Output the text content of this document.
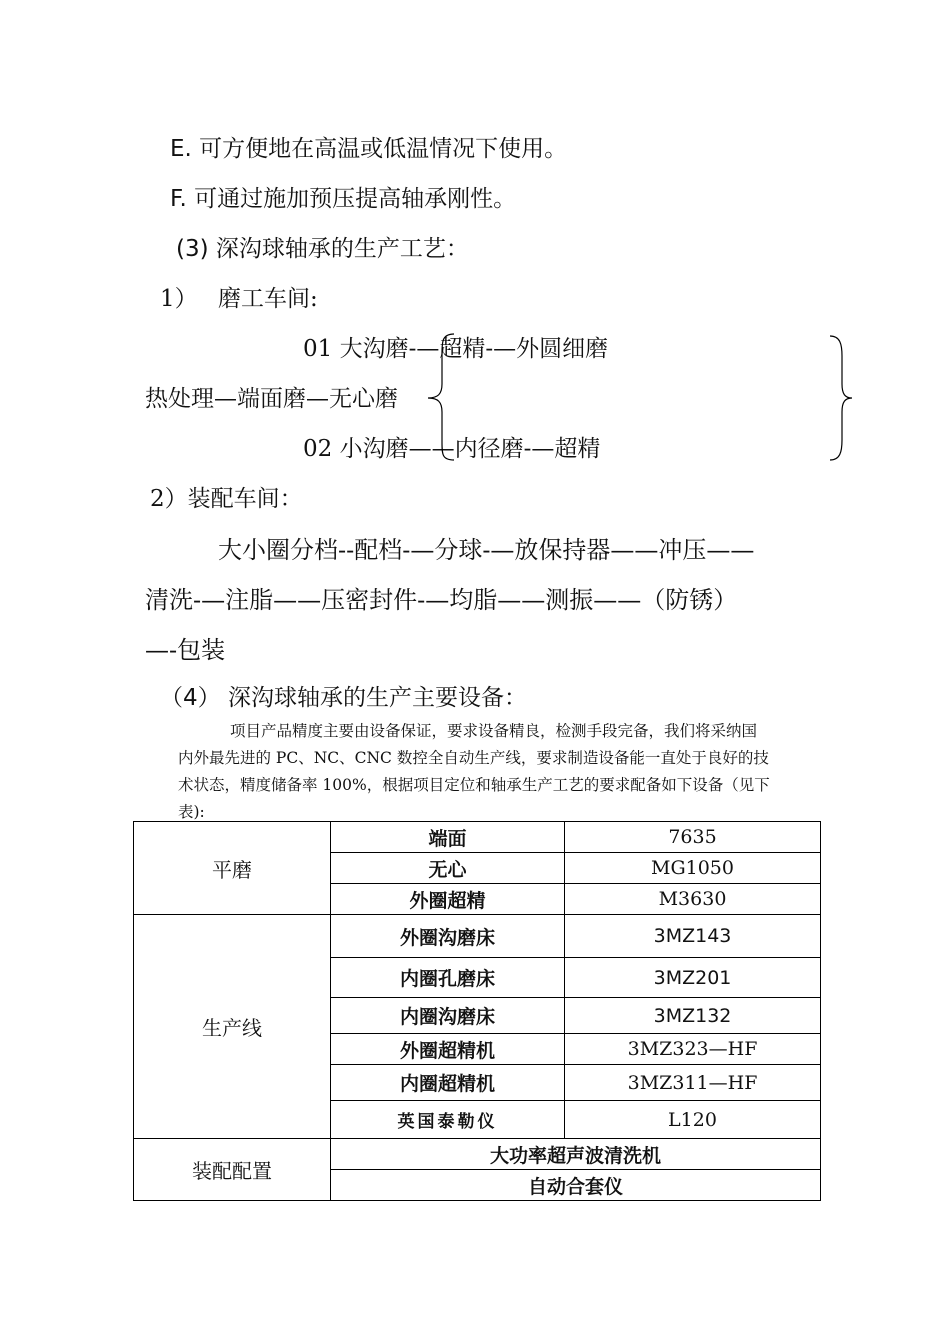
E. 可方便地在高温或低温情况下使用。
F. 可通过施加预压提高轴承刚性。
(3) 深沟球轴承的生产工艺：
1） 磨工车间:
01 大沟磨-—超精-—外圆细磨
热处理—端面磨—无心磨
02 小沟磨——内径磨-—超精
2）装配车间：
大小圈分档--配档-—分球-—放保持器——冲压——
清洗-—注脂——压密封件-—均脂——测振——（防锈）
—-包装
（4） 深沟球轴承的生产主要设备：
项目产品精度主要由设备保证，要求设备精良，检测手段完备，我们将采纳国
内外最先进的 PC、NC、CNC 数控全自动生产线，要求制造设备能一直处于良好的技
术状态，精度储备率 100%，根据项目定位和轴承生产工艺的要求配备如下设备（见下
表):
平磨	端面	7635
	无心	MG1050
	外圈超精	M3630
生产线	外圈沟磨床	3MZ143
	内圈孔磨床	3MZ201
	内圈沟磨床	3MZ132
	外圈超精机	3MZ323—HF
	内圈超精机	3MZ311—HF
	英国泰勒仪	L120
装配配置	大功率超声波清洗机	
	自动合套仪	
